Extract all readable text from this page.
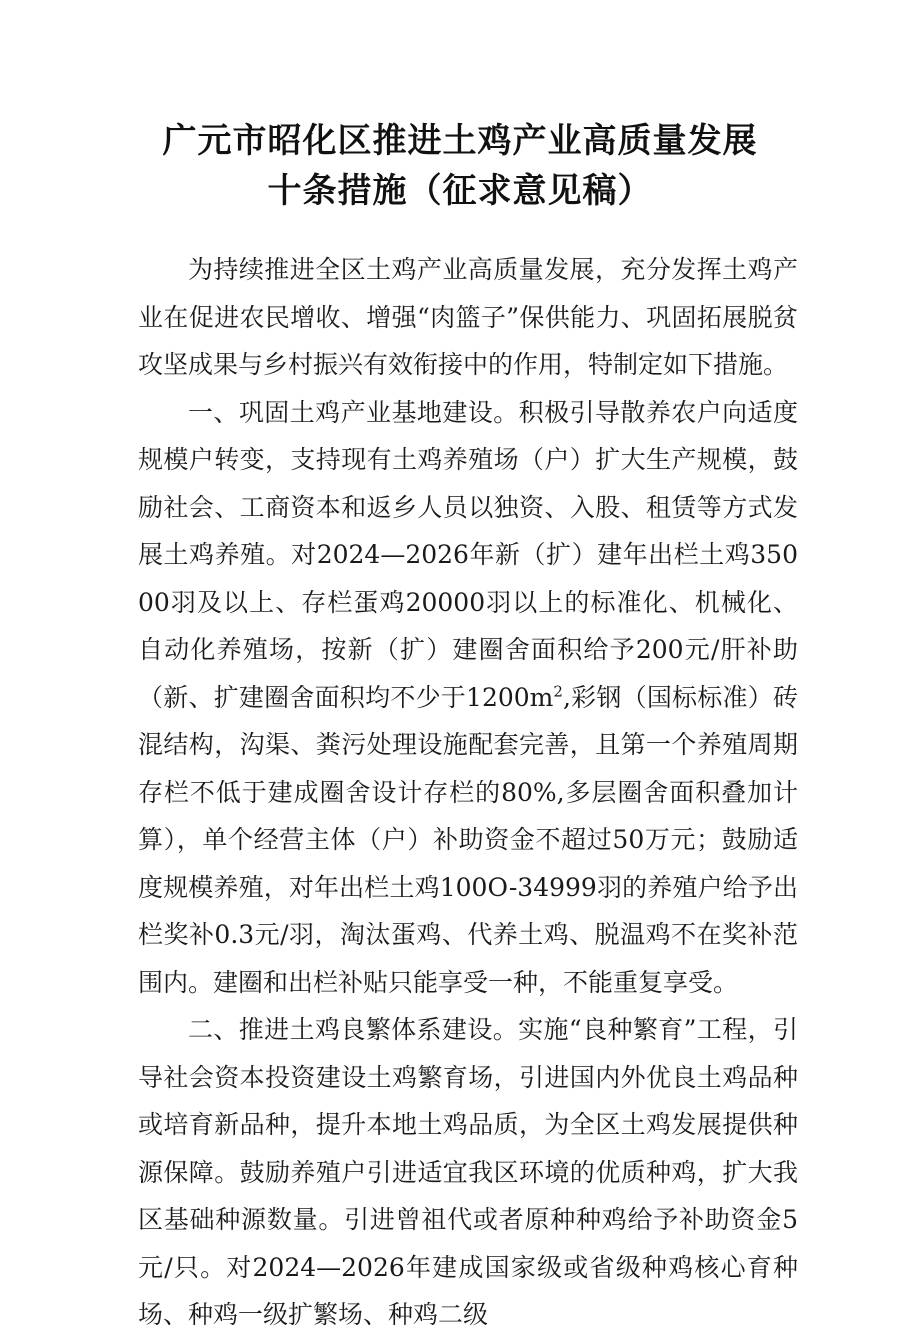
广元市昭化区推进土鸡产业高质量发展
十条措施（征求意见稿）

为持续推进全区土鸡产业高质量发展，充分发挥土鸡产业在促进农民增收、增强“肉篮子”保供能力、巩固拓展脱贫攻坚成果与乡村振兴有效衔接中的作用，特制定如下措施。

一、巩固土鸡产业基地建设。积极引导散养农户向适度规模户转变，支持现有土鸡养殖场（户）扩大生产规模，鼓励社会、工商资本和返乡人员以独资、入股、租赁等方式发展土鸡养殖。对2024—2026年新（扩）建年出栏土鸡35000羽及以上、存栏蛋鸡20000羽以上的标准化、机械化、自动化养殖场，按新（扩）建圈舍面积给予200元/肝补助（新、扩建圈舍面积均不少于$1200m^2$,彩钢（国标标准）砖混结构，沟渠、粪污处理设施配套完善，且第一个养殖周期存栏不低于建成圈舍设计存栏的80%,多层圈舍面积叠加计算），单个经营主体（户）补助资金不超过50万元；鼓励适度规模养殖，对年出栏土鸡100O-34999羽的养殖户给予出栏奖补0.3元/羽，淘汰蛋鸡、代养土鸡、脱温鸡不在奖补范围内。建圈和出栏补贴只能享受一种，不能重复享受。

二、推进土鸡良繁体系建设。实施“良种繁育”工程，引导社会资本投资建设土鸡繁育场，引进国内外优良土鸡品种或培育新品种，提升本地土鸡品质，为全区土鸡发展提供种源保障。鼓励养殖户引进适宜我区环境的优质种鸡，扩大我区基础种源数量。引进曾祖代或者原种种鸡给予补助资金5元/只。对2024—2026年建成国家级或省级种鸡核心育种场、种鸡一级扩繁场、种鸡二级
